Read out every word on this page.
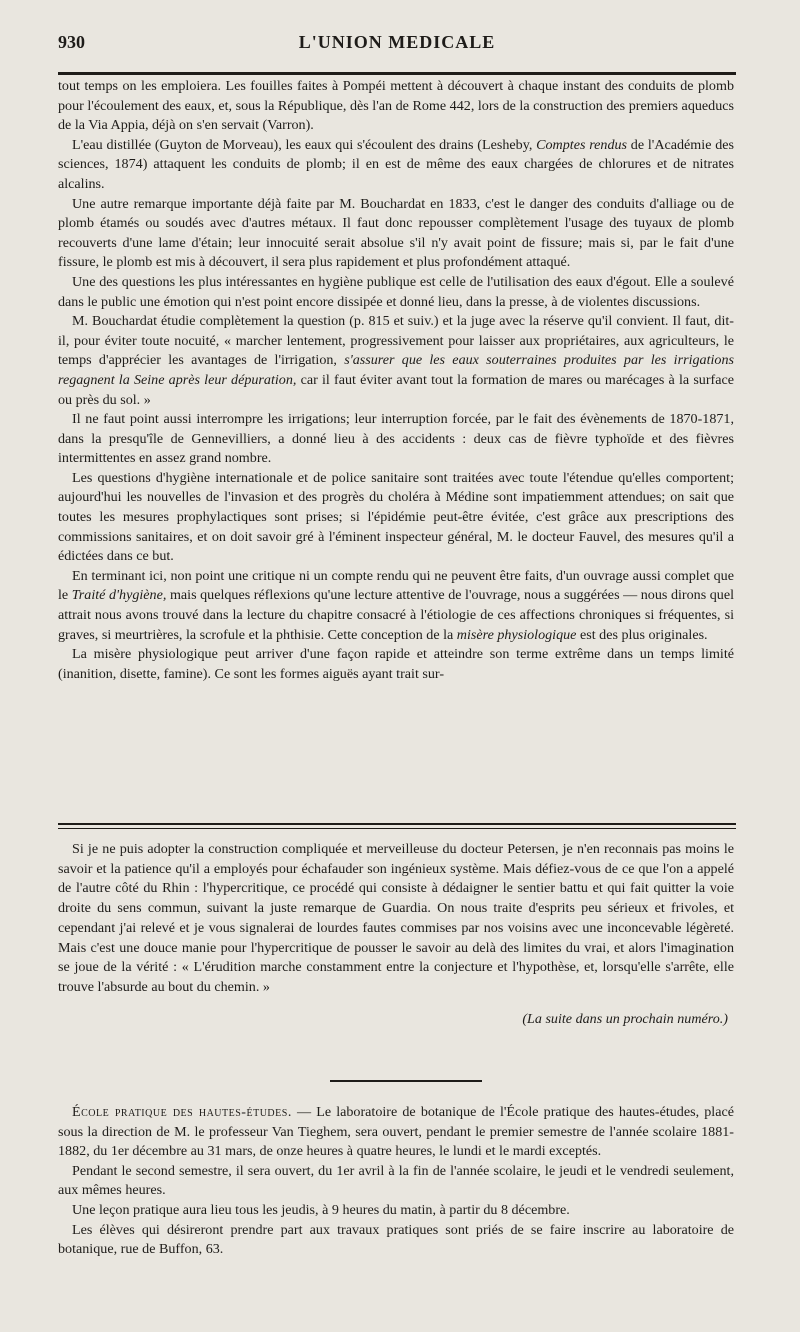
930	L'UNION MEDICALE

tout temps on les emploiera. Les fouilles faites à Pompéi mettent à découvert à chaque instant des conduits de plomb pour l'écoulement des eaux, et, sous la République, dès l'an de Rome 442, lors de la construction des premiers aqueducs de la Via Appia, déjà on s'en servait (Varron).

L'eau distillée (Guyton de Morveau), les eaux qui s'écoulent des drains (Lesheby, Comptes rendus de l'Académie des sciences, 1874) attaquent les conduits de plomb; il en est de même des eaux chargées de chlorures et de nitrates alcalins.

Une autre remarque importante déjà faite par M. Bouchardat en 1833, c'est le danger des conduits d'alliage ou de plomb étamés ou soudés avec d'autres métaux. Il faut donc repousser complètement l'usage des tuyaux de plomb recouverts d'une lame d'étain; leur innocuité serait absolue s'il n'y avait point de fissure; mais si, par le fait d'une fissure, le plomb est mis à découvert, il sera plus rapidement et plus profondément attaqué.

Une des questions les plus intéressantes en hygiène publique est celle de l'utilisation des eaux d'égout. Elle a soulevé dans le public une émotion qui n'est point encore dissipée et donné lieu, dans la presse, à de violentes discussions.

M. Bouchardat étudie complètement la question (p. 815 et suiv.) et la juge avec la réserve qu'il convient. Il faut, dit-il, pour éviter toute nocuité, « marcher lentement, progressivement pour laisser aux propriétaires, aux agriculteurs, le temps d'apprécier les avantages de l'irrigation, s'assurer que les eaux souterraines produites par les irrigations regagnent la Seine après leur dépuration, car il faut éviter avant tout la formation de mares ou marécages à la surface ou près du sol. »

Il ne faut point aussi interrompre les irrigations; leur interruption forcée, par le fait des évènements de 1870-1871, dans la presqu'île de Gennevilliers, a donné lieu à des accidents : deux cas de fièvre typhoïde et des fièvres intermittentes en assez grand nombre.

Les questions d'hygiène internationale et de police sanitaire sont traitées avec toute l'étendue qu'elles comportent; aujourd'hui les nouvelles de l'invasion et des progrès du choléra à Médine sont impatiemment attendues; on sait que toutes les mesures prophylactiques sont prises; si l'épidémie peut-être évitée, c'est grâce aux prescriptions des commissions sanitaires, et on doit savoir gré à l'éminent inspecteur général, M. le docteur Fauvel, des mesures qu'il a édictées dans ce but.

En terminant ici, non point une critique ni un compte rendu qui ne peuvent être faits, d'un ouvrage aussi complet que le Traité d'hygiène, mais quelques réflexions qu'une lecture attentive de l'ouvrage, nous a suggérées — nous dirons quel attrait nous avons trouvé dans la lecture du chapitre consacré à l'étiologie de ces affections chroniques si fréquentes, si graves, si meurtrières, la scrofule et la phthisie. Cette conception de la misère physiologique est des plus originales.

La misère physiologique peut arriver d'une façon rapide et atteindre son terme extrême dans un temps limité (inanition, disette, famine). Ce sont les formes aiguës ayant trait sur-

Si je ne puis adopter la construction compliquée et merveilleuse du docteur Petersen, je n'en reconnais pas moins le savoir et la patience qu'il a employés pour échafauder son ingénieux système. Mais défiez-vous de ce que l'on a appelé de l'autre côté du Rhin : l'hypercritique, ce procédé qui consiste à dédaigner le sentier battu et qui fait quitter la voie droite du sens commun, suivant la juste remarque de Guardia. On nous traite d'esprits peu sérieux et frivoles, et cependant j'ai relevé et je vous signalerai de lourdes fautes commises par nos voisins avec une inconcevable légèreté. Mais c'est une douce manie pour l'hypercritique de pousser le savoir au delà des limites du vrai, et alors l'imagination se joue de la vérité : « L'érudition marche constamment entre la conjecture et l'hypothèse, et, lorsqu'elle s'arrête, elle trouve l'absurde au bout du chemin. »

(La suite dans un prochain numéro.)

École pratique des hautes-études. — Le laboratoire de botanique de l'École pratique des hautes-études, placé sous la direction de M. le professeur Van Tieghem, sera ouvert, pendant le premier semestre de l'année scolaire 1881-1882, du 1er décembre au 31 mars, de onze heures à quatre heures, le lundi et le mardi exceptés.

Pendant le second semestre, il sera ouvert, du 1er avril à la fin de l'année scolaire, le jeudi et le vendredi seulement, aux mêmes heures.

Une leçon pratique aura lieu tous les jeudis, à 9 heures du matin, à partir du 8 décembre.

Les élèves qui désireront prendre part aux travaux pratiques sont priés de se faire inscrire au laboratoire de botanique, rue de Buffon, 63.
